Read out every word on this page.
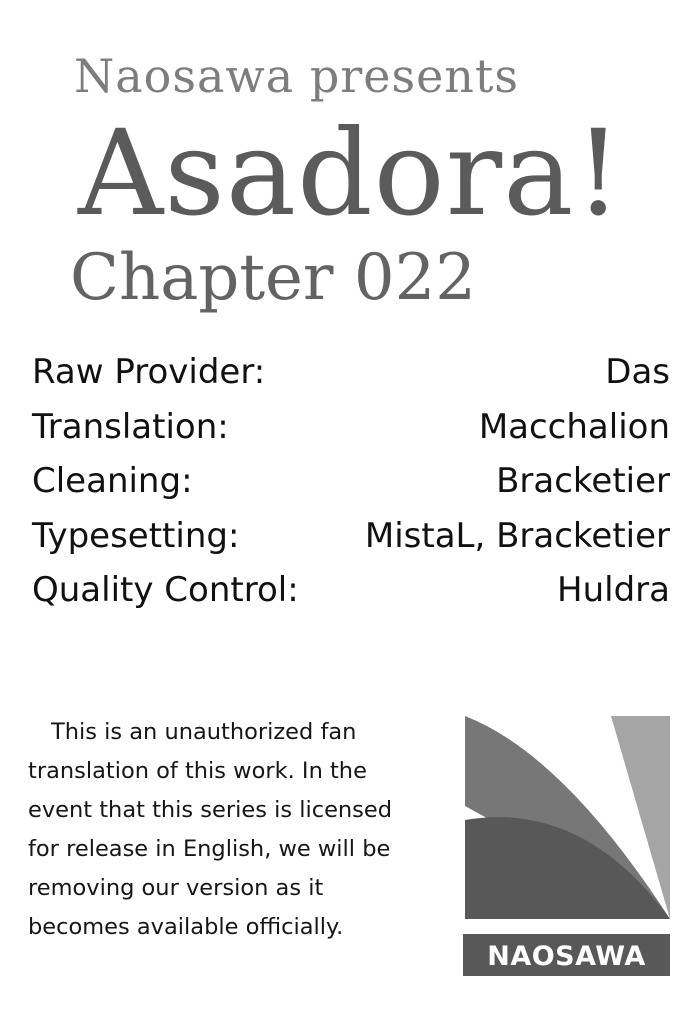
Naosawa presents
Asadora!
Chapter 022
Raw Provider:	Das
Translation:	Macchalion
Cleaning:	Bracketier
Typesetting:	MistaL, Bracketier
Quality Control:	Huldra

This is an unauthorized fan
translation of this work. In the
event that this series is licensed
for release in English, we will be
removing our version as it
becomes available officially.

NAOSAWA
